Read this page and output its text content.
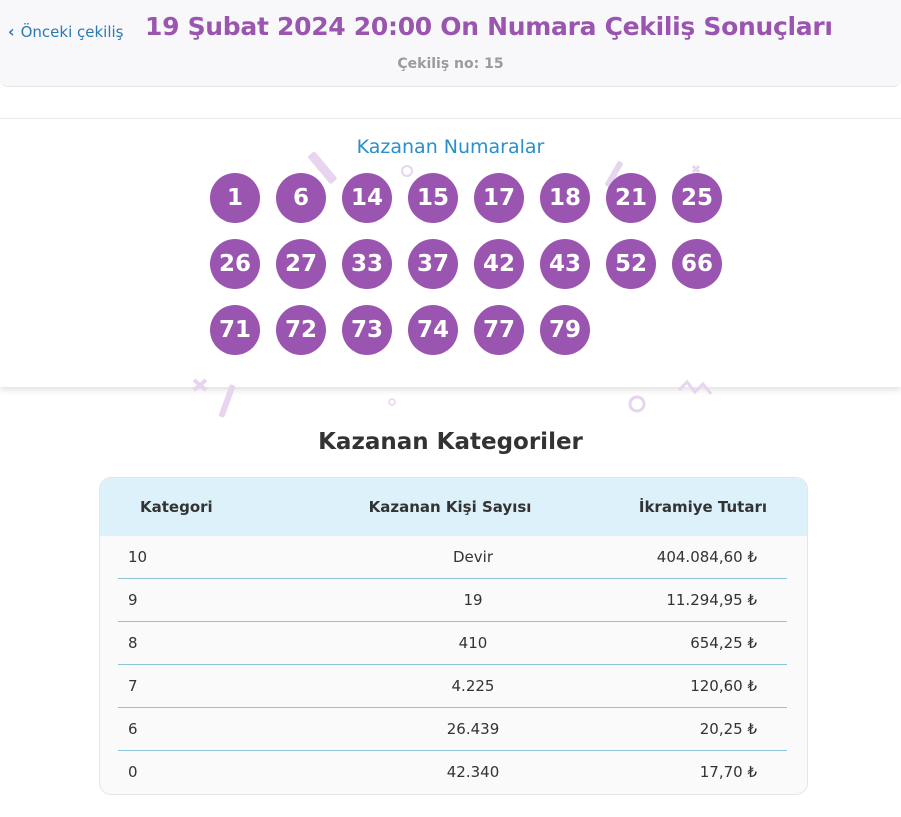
‹ Önceki çekiliş 19 Şubat 2024 20:00 On Numara Çekiliş Sonuçları
Çekiliş no: 15
Kazanan Numaralar
1	6	14	15	17	18	21	25
26	27	33	37	42	43	52	66
71	72	73	74	77	79
Kazanan Kategoriler
Kategori	Kazanan Kişi Sayısı	İkramiye Tutarı
10	Devir	404.084,60 ₺
9	19	11.294,95 ₺
8	410	654,25 ₺
7	4.225	120,60 ₺
6	26.439	20,25 ₺
0	42.340	17,70 ₺
